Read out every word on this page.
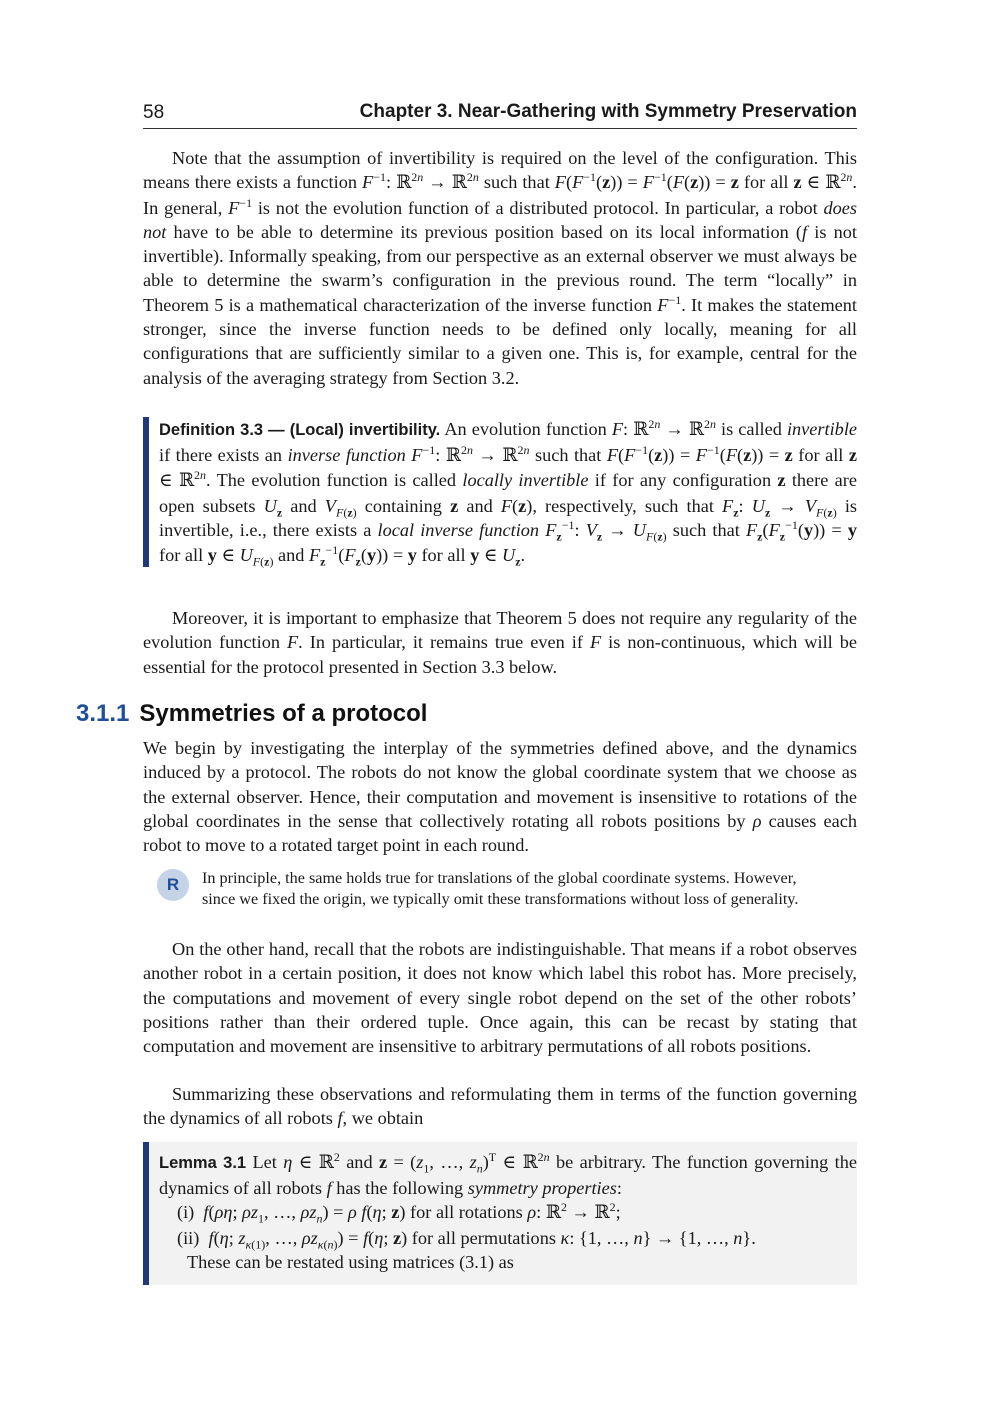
58	Chapter 3. Near-Gathering with Symmetry Preservation
Note that the assumption of invertibility is required on the level of the configuration. This means there exists a function $F^{-1}$: ℝ$^{2n}$ → ℝ$^{2n}$ such that $F(F^{-1}(z)) = F^{-1}(F(z)) = z$ for all z ∈ ℝ$^{2n}$. In general, $F^{-1}$ is not the evolution function of a distributed protocol. In particular, a robot does not have to be able to determine its previous position based on its local information (f is not invertible). Informally speaking, from our perspective as an external observer we must always be able to determine the swarm’s configuration in the previous round. The term “locally” in Theorem 5 is a mathematical characterization of the inverse function $F^{-1}$. It makes the statement stronger, since the inverse function needs to be defined only locally, meaning for all configurations that are sufficiently similar to a given one. This is, for example, central for the analysis of the averaging strategy from Section 3.2.
Definition 3.3 — (Local) invertibility. An evolution function F: ℝ$^{2n}$ → ℝ$^{2n}$ is called invertible if there exists an inverse function $F^{-1}$: ℝ$^{2n}$ → ℝ$^{2n}$ such that $F(F^{-1}(z)) = F^{-1}(F(z)) = z$ for all z ∈ ℝ$^{2n}$. The evolution function is called locally invertible if for any configuration z there are open subsets $U_z$ and $V_{F(z)}$ containing z and F(z), respectively, such that $F_z$: $U_z \to V_{F(z)}$ is invertible, i.e., there exists a local inverse function $F_z^{-1}$: $V_z \to U_{F(z)}$ such that $F_z(F_z^{-1}(y)) = y$ for all y ∈ $U_{F(z)}$ and $F_z^{-1}(F_z(y)) = y$ for all y ∈ $U_z$.
Moreover, it is important to emphasize that Theorem 5 does not require any regularity of the evolution function F. In particular, it remains true even if F is non-continuous, which will be essential for the protocol presented in Section 3.3 below.
3.1.1 Symmetries of a protocol
We begin by investigating the interplay of the symmetries defined above, and the dynamics induced by a protocol. The robots do not know the global coordinate system that we choose as the external observer. Hence, their computation and movement is insensitive to rotations of the global coordinates in the sense that collectively rotating all robots positions by ρ causes each robot to move to a rotated target point in each round.
R	In principle, the same holds true for translations of the global coordinate systems. However, since we fixed the origin, we typically omit these transformations without loss of generality.
On the other hand, recall that the robots are indistinguishable. That means if a robot observes another robot in a certain position, it does not know which label this robot has. More precisely, the computations and movement of every single robot depend on the set of the other robots’ positions rather than their ordered tuple. Once again, this can be recast by stating that computation and movement are insensitive to arbitrary permutations of all robots positions.
Summarizing these observations and reformulating them in terms of the function governing the dynamics of all robots f, we obtain
Lemma 3.1 Let η ∈ ℝ$^2$ and $z = (z_1$, …, $z_n)^T$ ∈ ℝ$^{2n}$ be arbitrary. The function governing the dynamics of all robots f has the following symmetry properties:
(i) f(ρη; $\rho z_1$, …, $\rho z_n) = \rho$ f(η; z) for all rotations ρ: ℝ$^2$ → ℝ$^2$;
(ii) f(η; $z_{\kappa(1)}$, …, $\rho z_{\kappa(n)}) = f(\eta$; z) for all permutations κ: {1, …, n} → {1, …, n}.
These can be restated using matrices (3.1) as
